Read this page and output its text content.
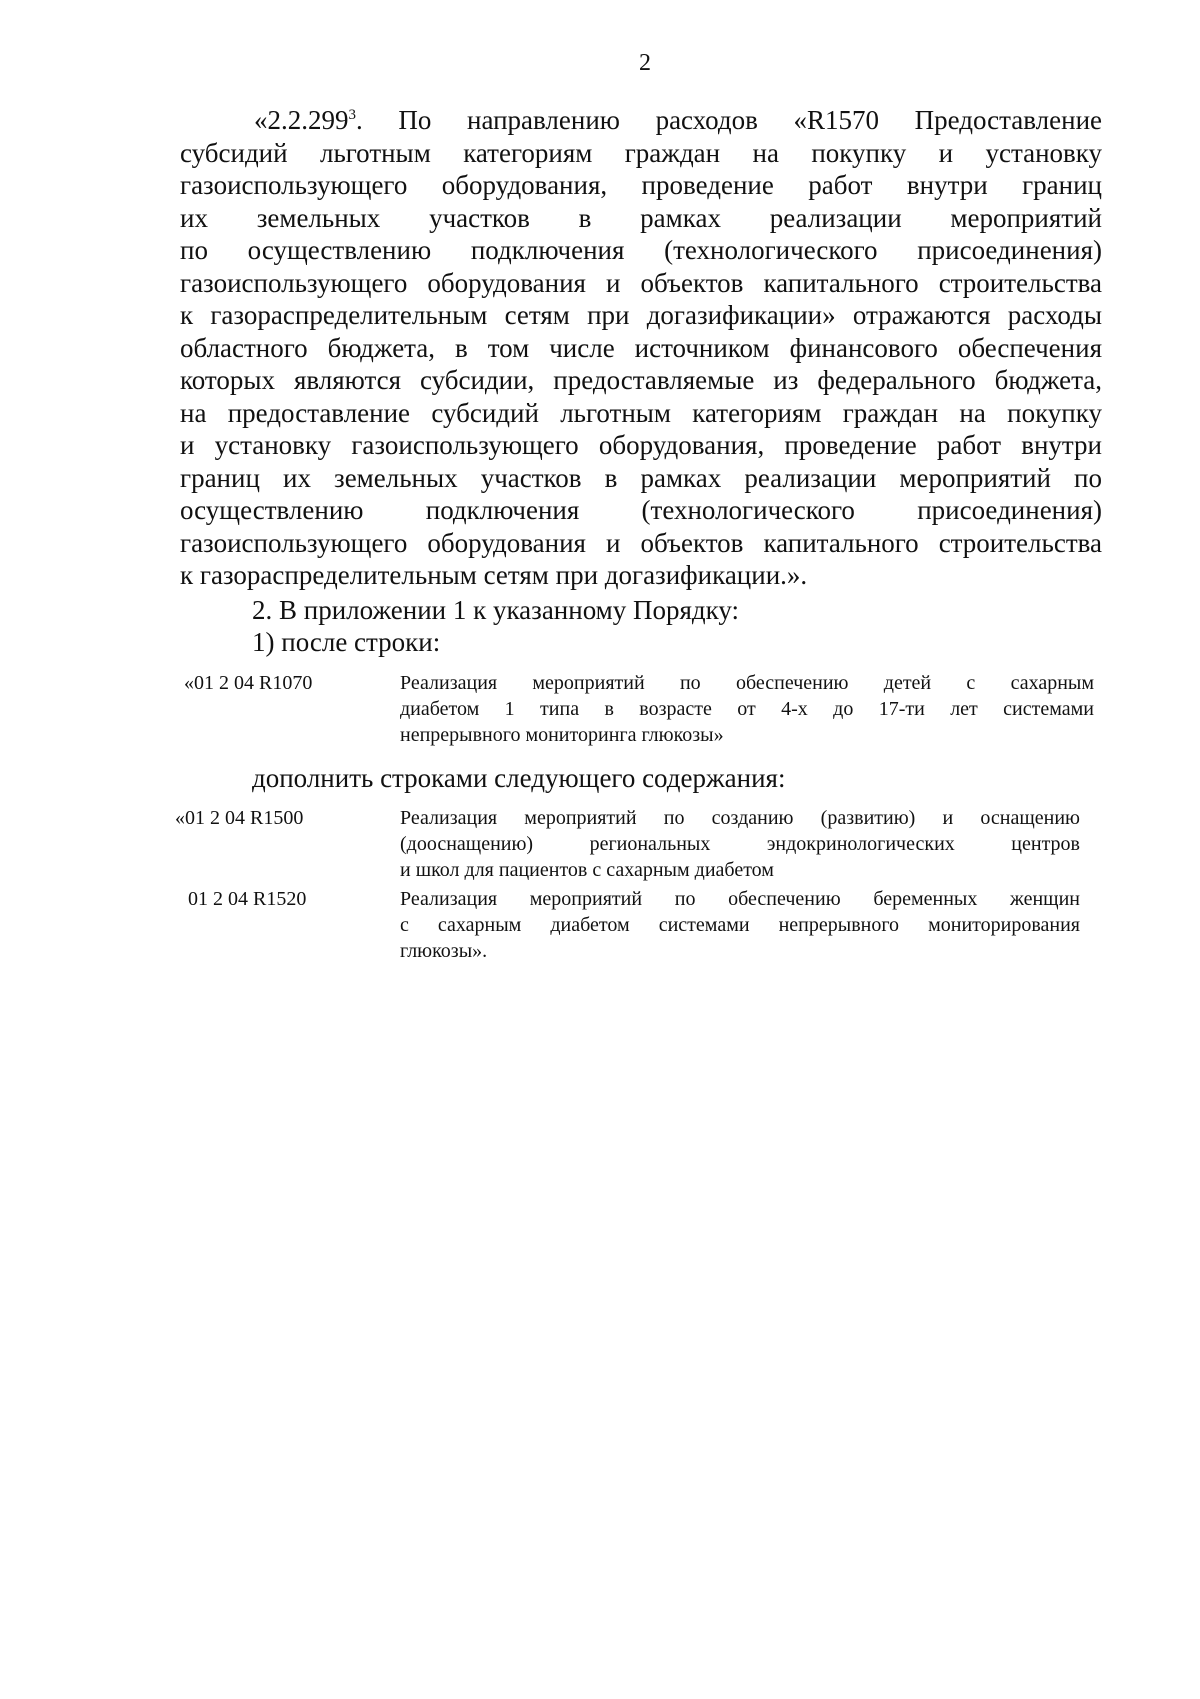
2
«2.2.299$^3$. По направлению расходов «R1570 Предоставление
субсидий льготным категориям граждан на покупку и установку
газоиспользующего оборудования, проведение работ внутри границ
их земельных участков в рамках реализации мероприятий
по осуществлению подключения (технологического присоединения)
газоиспользующего оборудования и объектов капитального строительства
к газораспределительным сетям при догазификации» отражаются расходы
областного бюджета, в том числе источником финансового обеспечения
которых являются субсидии, предоставляемые из федерального бюджета,
на предоставление субсидий льготным категориям граждан на покупку
и установку газоиспользующего оборудования, проведение работ внутри
границ их земельных участков в рамках реализации мероприятий по
осуществлению подключения (технологического присоединения)
газоиспользующего оборудования и объектов капитального строительства
к газораспределительным сетям при догазификации.».
2. В приложении 1 к указанному Порядку:
1) после строки:
«01 2 04 R1070	Реализация мероприятий по обеспечению детей с сахарным
диабетом 1 типа в возрасте от 4-х до 17-ти лет системами
непрерывного мониторинга глюкозы»
дополнить строками следующего содержания:
«01 2 04 R1500	Реализация мероприятий по созданию (развитию) и оснащению
(дооснащению) региональных эндокринологических центров
и школ для пациентов с сахарным диабетом
01 2 04 R1520	Реализация мероприятий по обеспечению беременных женщин
с сахарным диабетом системами непрерывного мониторирования
глюкозы».
